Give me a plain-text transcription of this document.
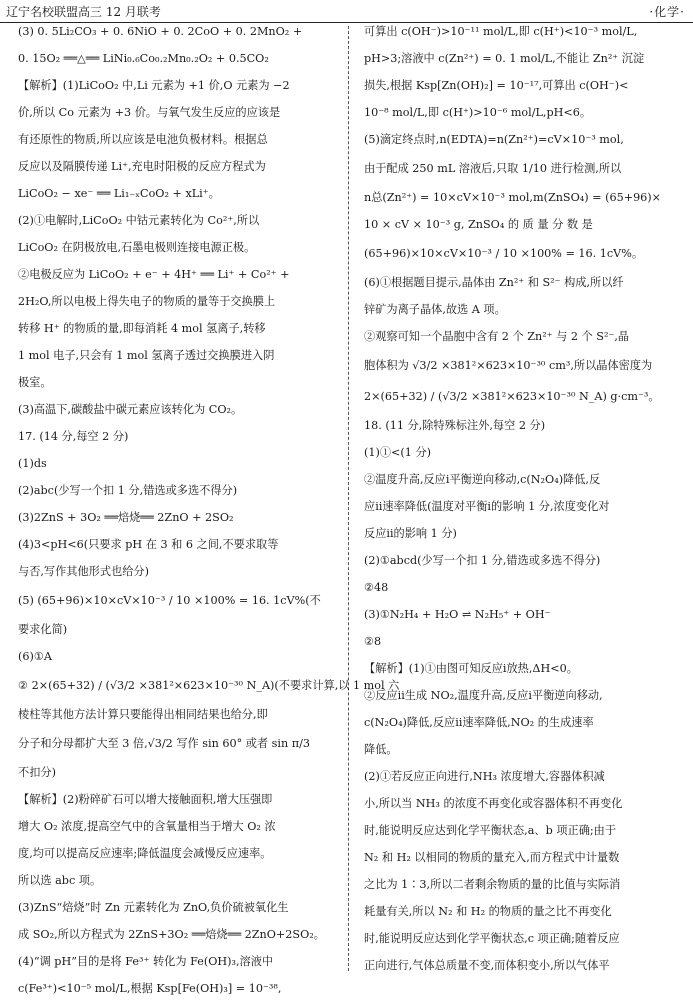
辽宁名校联盟高三 12 月联考	·化学·
(3) 0. 5Li₂CO₃ + 0. 6NiO + 0. 2CoO + 0. 2MnO₂ +
0. 15O₂ ══△══ LiNi₀.₆Co₀.₂Mn₀.₂O₂ + 0.5CO₂
【解析】(1)LiCoO₂ 中,Li 元素为 +1 价,O 元素为 −2
价,所以 Co 元素为 +3 价。与氧气发生反应的应该是
有还原性的物质,所以应该是电池负极材料。根据总
反应以及隔膜传递 Li⁺,充电时阳极的反应方程式为
LiCoO₂ − xe⁻ ══ Li₁₋ₓCoO₂ + xLi⁺。
(2)①电解时,LiCoO₂ 中钴元素转化为 Co²⁺,所以
LiCoO₂ 在阴极放电,石墨电极则连接电源正极。
②电极反应为 LiCoO₂ + e⁻ + 4H⁺ ══ Li⁺ + Co²⁺ +
2H₂O,所以电极上得失电子的物质的量等于交换膜上
转移 H⁺ 的物质的量,即每消耗 4 mol 氢离子,转移
1 mol 电子,只会有 1 mol 氢离子透过交换膜进入阴
极室。
(3)高温下,碳酸盐中碳元素应该转化为 CO₂。
17. (14 分,每空 2 分)
(1)ds
(2)abc(少写一个扣 1 分,错选或多选不得分)
(3)2ZnS + 3O₂ ══焙烧══ 2ZnO + 2SO₂
(4)3<pH<6(只要求 pH 在 3 和 6 之间,不要求取等
与否,写作其他形式也给分)
(5) (65+96)×10×cV×10⁻³ / 10 ×100% = 16. 1cV%(不
要求化简)
(6)①A
② 2×(65+32) / (√3/2 ×381²×623×10⁻³⁰ N_A)(不要求计算,以 1 mol 六
棱柱等其他方法计算只要能得出相同结果也给分,即
分子和分母都扩大至 3 倍,√3/2 写作 sin 60° 或者 sin π/3
不扣分)
【解析】(2)粉碎矿石可以增大接触面积,增大压强即
增大 O₂ 浓度,提高空气中的含氧量相当于增大 O₂ 浓
度,均可以提高反应速率;降低温度会减慢反应速率。
所以选 abc 项。
(3)ZnS“焙烧”时 Zn 元素转化为 ZnO,负价硫被氧化生
成 SO₂,所以方程式为 2ZnS+3O₂ ══焙烧══ 2ZnO+2SO₂。
(4)“调 pH”目的是将 Fe³⁺ 转化为 Fe(OH)₃,溶液中
c(Fe³⁺)<10⁻⁵ mol/L,根据 Ksp[Fe(OH)₃] = 10⁻³⁸,
可算出 c(OH⁻)>10⁻¹¹ mol/L,即 c(H⁺)<10⁻³ mol/L,
pH>3;溶液中 c(Zn²⁺) = 0. 1 mol/L,不能让 Zn²⁺ 沉淀
损失,根据 Ksp[Zn(OH)₂] = 10⁻¹⁷,可算出 c(OH⁻)<
10⁻⁸ mol/L,即 c(H⁺)>10⁻⁶ mol/L,pH<6。
(5)滴定终点时,n(EDTA)=n(Zn²⁺)=cV×10⁻³ mol,
由于配成 250 mL 溶液后,只取 1/10 进行检测,所以
n总(Zn²⁺) = 10×cV×10⁻³ mol,m(ZnSO₄) = (65+96)×
10 × cV × 10⁻³ g, ZnSO₄ 的 质 量 分 数 是
(65+96)×10×cV×10⁻³ / 10 ×100% = 16. 1cV%。
(6)①根据题目提示,晶体由 Zn²⁺ 和 S²⁻ 构成,所以纤
锌矿为离子晶体,故选 A 项。
②观察可知一个晶胞中含有 2 个 Zn²⁺ 与 2 个 S²⁻,晶
胞体积为 √3/2 ×381²×623×10⁻³⁰ cm³,所以晶体密度为
2×(65+32) / (√3/2 ×381²×623×10⁻³⁰ N_A) g·cm⁻³。
18. (11 分,除特殊标注外,每空 2 分)
(1)①<(1 分)
②温度升高,反应ⅰ平衡逆向移动,c(N₂O₄)降低,反
应ⅱ速率降低(温度对平衡ⅰ的影响 1 分,浓度变化对
反应ⅱ的影响 1 分)
(2)①abcd(少写一个扣 1 分,错选或多选不得分)
②48
(3)①N₂H₄ + H₂O ⇌ N₂H₅⁺ + OH⁻
②8
【解析】(1)①由图可知反应ⅰ放热,ΔH<0。
②反应ⅱ生成 NO₂,温度升高,反应ⅰ平衡逆向移动,
c(N₂O₄)降低,反应ⅱ速率降低,NO₂ 的生成速率
降低。
(2)①若反应正向进行,NH₃ 浓度增大,容器体积减
小,所以当 NH₃ 的浓度不再变化或容器体积不再变化
时,能说明反应达到化学平衡状态,a、b 项正确;由于
N₂ 和 H₂ 以相同的物质的量充入,而方程式中计量数
之比为 1∶3,所以二者剩余物质的量的比值与实际消
耗量有关,所以 N₂ 和 H₂ 的物质的量之比不再变化
时,能说明反应达到化学平衡状态,c 项正确;随着反应
正向进行,气体总质量不变,而体积变小,所以气体平
